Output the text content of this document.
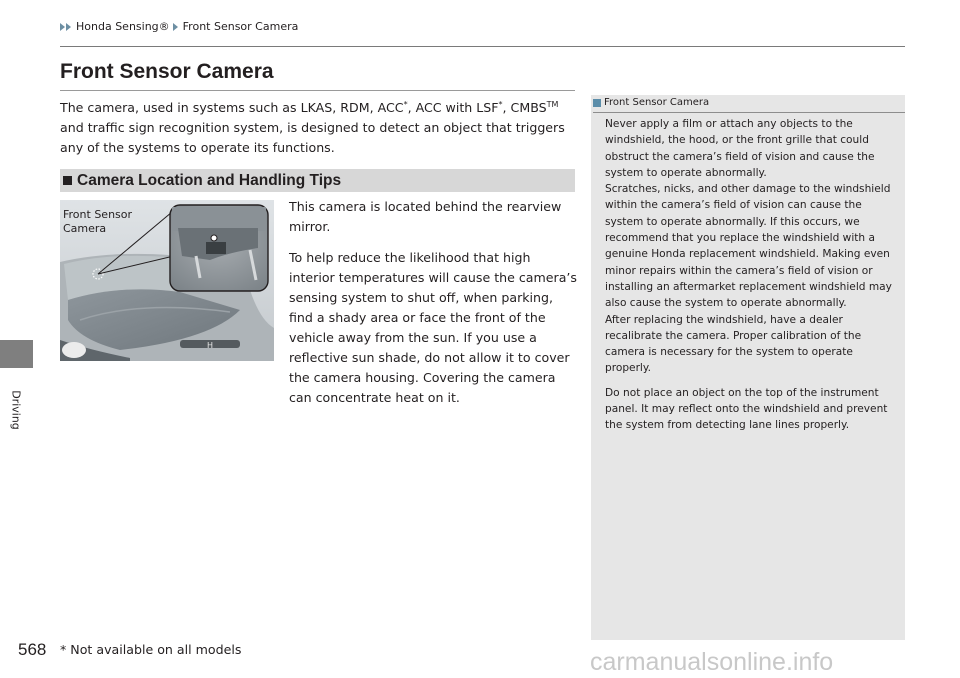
Honda Sensing® Front Sensor Camera
Driving
Front Sensor Camera
The camera, used in systems such as LKAS, RDM, ACC*, ACC with LSF*, CMBS™ and traffic sign recognition system, is designed to detect an object that triggers any of the systems to operate its functions.
Camera Location and Handling Tips
H
Front Sensor
Camera

This camera is located behind the rearview mirror.

To help reduce the likelihood that high interior temperatures will cause the camera’s sensing system to shut off, when parking, find a shady area or face the front of the vehicle away from the sun. If you use a reflective sun shade, do not allow it to cover the camera housing. Covering the camera can concentrate heat on it.

Front Sensor Camera

Never apply a film or attach any objects to the windshield, the hood, or the front grille that could obstruct the camera’s field of vision and cause the system to operate abnormally.

Scratches, nicks, and other damage to the windshield within the camera’s field of vision can cause the system to operate abnormally. If this occurs, we recommend that you replace the windshield with a genuine Honda replacement windshield. Making even minor repairs within the camera’s field of vision or installing an aftermarket replacement windshield may also cause the system to operate abnormally.

After replacing the windshield, have a dealer recalibrate the camera. Proper calibration of the camera is necessary for the system to operate properly.

Do not place an object on the top of the instrument panel. It may reflect onto the windshield and prevent the system from detecting lane lines properly.

568 * Not available on all models	carmanualsonline.info
